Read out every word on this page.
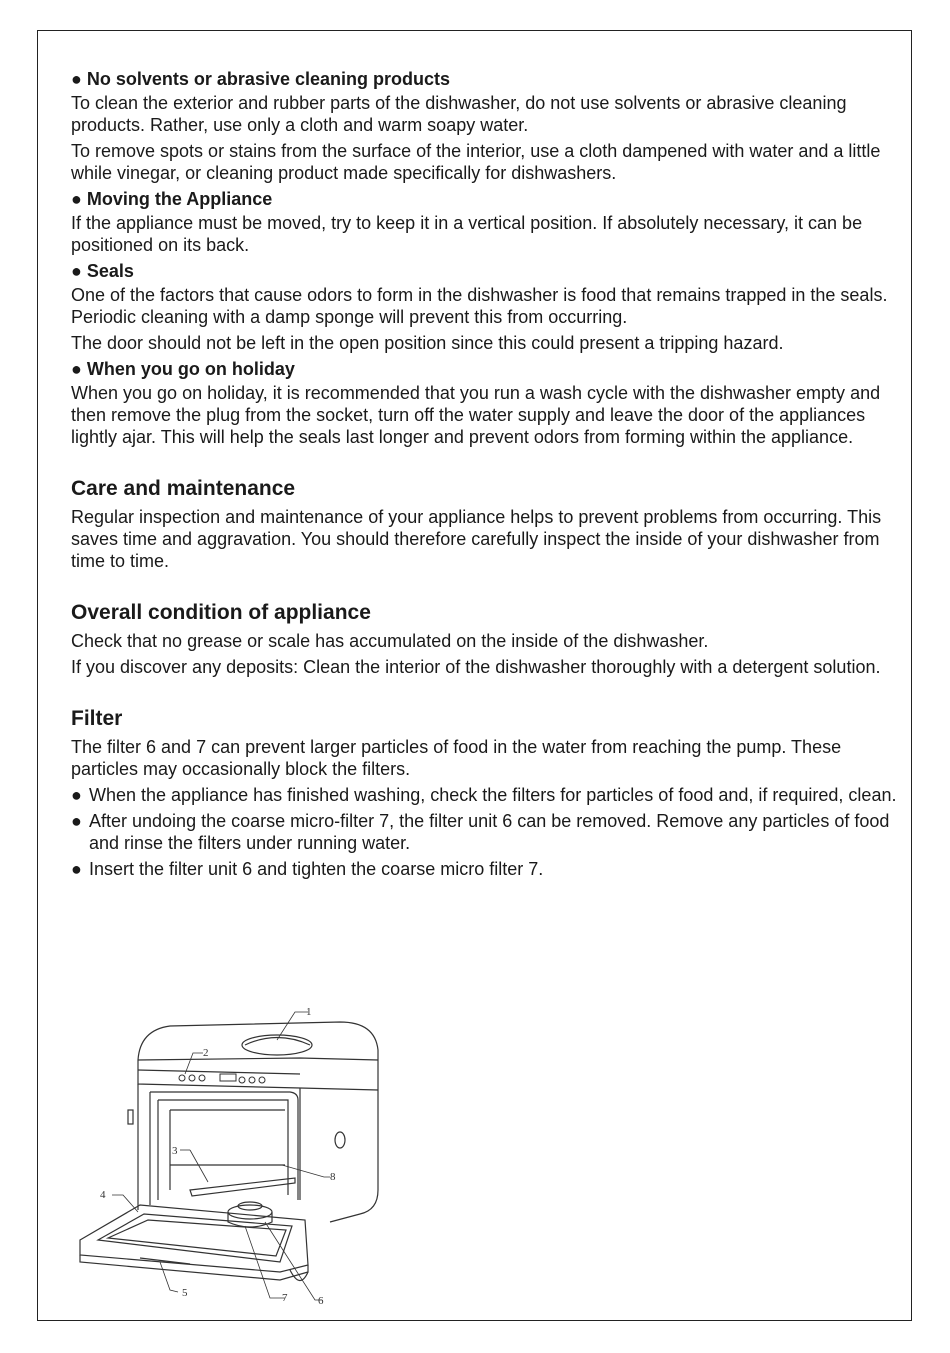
● No solvents or abrasive cleaning products

To clean the exterior and rubber parts of the dishwasher, do not use solvents or abrasive cleaning products. Rather, use only a cloth and warm soapy water.

To remove spots or stains from the surface of the interior, use a cloth dampened with water and a little while vinegar, or cleaning product made specifically for dishwashers.

● Moving the Appliance

If the appliance must be moved, try to keep it in a vertical position. If absolutely necessary, it can be positioned on its back.

● Seals

One of the factors that cause odors to form in the dishwasher is food that remains trapped in the seals. Periodic cleaning with a damp sponge will prevent this from occurring.

The door should not be left in the open position since this could present a tripping hazard.

● When you go on holiday

When you go on holiday, it is recommended that you run a wash cycle with the dishwasher empty and then remove the plug from the socket, turn off the water supply and leave the door of the appliances lightly ajar. This will help the seals last longer and prevent odors from forming within the appliance.

Care and maintenance

Regular inspection and maintenance of your appliance helps to prevent problems from occurring. This saves time and aggravation. You should therefore carefully inspect the inside of your dishwasher from time to time.

Overall condition of appliance

Check that no grease or scale has accumulated on the inside of the dishwasher.

If you discover any deposits: Clean the interior of the dishwasher thoroughly with a detergent solution.

Filter

The filter 6 and 7 can prevent larger particles of food in the water from reaching the pump. These particles may occasionally block the filters.

● When the appliance has finished washing, check the filters for particles of food and, if required, clean.
● After undoing the coarse micro-filter 7, the filter unit 6 can be removed. Remove any particles of food and rinse the filters under running water.
● Insert the filter unit 6 and tighten the coarse micro filter 7.
1
2
3
4
5
6
7
8
